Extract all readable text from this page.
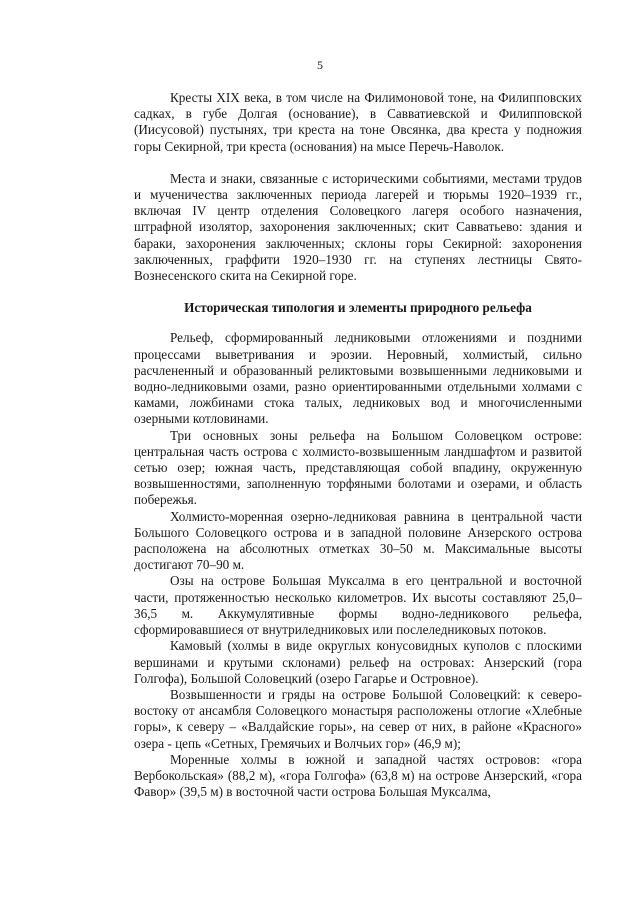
5

Кресты XIX века, в том числе на Филимоновой тоне, на Филипповских садках, в губе Долгая (основание), в Савватиевской и Филипповской (Иисусовой) пустынях, три креста на тоне Овсянка, два креста у подножия горы Секирной, три креста (основания) на мысе Перечь-Наволок.

Места и знаки, связанные с историческими событиями, местами трудов и мученичества заключенных периода лагерей и тюрьмы 1920–1939 гг., включая IV центр отделения Соловецкого лагеря особого назначения, штрафной изолятор, захоронения заключенных; скит Савватьево: здания и бараки, захоронения заключенных; склоны горы Секирной: захоронения заключенных, граффити 1920–1930 гг. на ступенях лестницы Свято-Вознесенского скита на Секирной горе.

Историческая типология и элементы природного рельефа

Рельеф, сформированный ледниковыми отложениями и поздними процессами выветривания и эрозии. Неровный, холмистый, сильно расчлененный и образованный реликтовыми возвышенными ледниковыми и водно-ледниковыми озами, разно ориентированными отдельными холмами с камами, ложбинами стока талых, ледниковых вод и многочисленными озерными котловинами.

Три основных зоны рельефа на Большом Соловецком острове: центральная часть острова с холмисто-возвышенным ландшафтом и развитой сетью озер; южная часть, представляющая собой впадину, окруженную возвышенностями, заполненную торфяными болотами и озерами, и область побережья.

Холмисто-моренная озерно-ледниковая равнина в центральной части Большого Соловецкого острова и в западной половине Анзерского острова расположена на абсолютных отметках 30–50 м. Максимальные высоты достигают 70–90 м.

Озы на острове Большая Муксалма в его центральной и восточной части, протяженностью несколько километров. Их высоты составляют 25,0–36,5 м. Аккумулятивные формы водно-ледникового рельефа, сформировавшиеся от внутриледниковых или послеледниковых потоков.

Камовый (холмы в виде округлых конусовидных куполов с плоскими вершинами и крутыми склонами) рельеф на островах: Анзерский (гора Голгофа), Большой Соловецкий (озеро Гагарье и Островное).

Возвышенности и гряды на острове Большой Соловецкий: к северо-востоку от ансамбля Соловецкого монастыря расположены отлогие «Хлебные горы», к северу – «Валдайские горы», на север от них, в районе «Красного» озера - цепь «Сетных, Гремячьих и Волчьих гор» (46,9 м);

Моренные холмы в южной и западной частях островов: «гора Вербокольская» (88,2 м), «гора Голгофа» (63,8 м) на острове Анзерский, «гора Фавор» (39,5 м) в восточной части острова Большая Муксалма,
